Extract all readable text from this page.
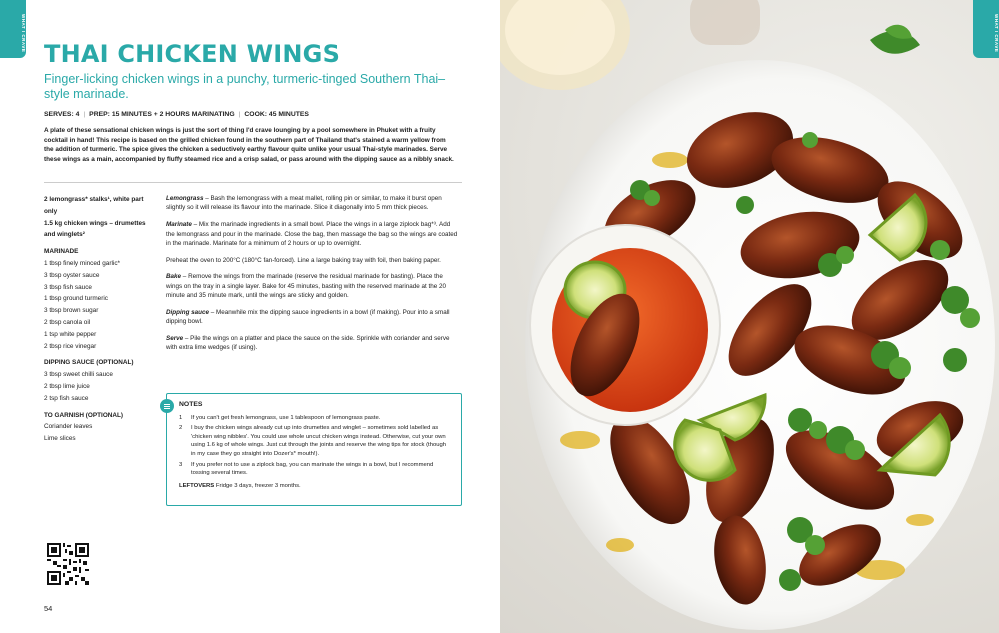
WHAT I CRAVE
THAI CHICKEN WINGS
Finger-licking chicken wings in a punchy, turmeric-tinged Southern Thai–style marinade.
SERVES: 4 | PREP: 15 MINUTES + 2 HOURS MARINATING | COOK: 45 MINUTES

A plate of these sensational chicken wings is just the sort of thing I'd crave lounging by a pool somewhere in Phuket with a fruity cocktail in hand! This recipe is based on the grilled chicken found in the southern part of Thailand that's stained a warm yellow from the addition of turmeric. The spice gives the chicken a seductively earthy flavour quite unlike your usual Thai-style marinades. Serve these wings as a main, accompanied by fluffy steamed rice and a crisp salad, or pass around with the dipping sauce as a nibbly snack.

2 lemongrass* stalks¹, white part only
1.5 kg chicken wings – drumettes and winglets²
MARINADE
1 tbsp finely minced garlic*
3 tbsp oyster sauce
3 tbsp fish sauce
1 tbsp ground turmeric
3 tbsp brown sugar
2 tbsp canola oil
1 tsp white pepper
2 tbsp rice vinegar
DIPPING SAUCE (OPTIONAL)
3 tbsp sweet chilli sauce
2 tbsp lime juice
2 tsp fish sauce
TO GARNISH (OPTIONAL)
Coriander leaves
Lime slices

Lemongrass – Bash the lemongrass with a meat mallet, rolling pin or similar, to make it burst open slightly so it will release its flavour into the marinade. Slice it diagonally into 5 mm thick pieces.

Marinate – Mix the marinade ingredients in a small bowl. Place the wings in a large ziplock bag*³. Add the lemongrass and pour in the marinade. Close the bag, then massage the bag so the wings are coated in the marinade. Marinate for a minimum of 2 hours or up to overnight.

Preheat the oven to 200°C (180°C fan-forced). Line a large baking tray with foil, then baking paper.

Bake – Remove the wings from the marinade (reserve the residual marinade for basting). Place the wings on the tray in a single layer. Bake for 45 minutes, basting with the reserved marinade at the 20 minute and 35 minute mark, until the wings are sticky and golden.

Dipping sauce – Meanwhile mix the dipping sauce ingredients in a bowl (if making). Pour into a small dipping bowl.

Serve – Pile the wings on a platter and place the sauce on the side. Sprinkle with coriander and serve with extra lime wedges (if using).

NOTES
1	If you can't get fresh lemongrass, use 1 tablespoon of lemongrass paste.
2	I buy the chicken wings already cut up into drumettes and winglet – sometimes sold labelled as 'chicken wing nibbles'. You could use whole uncut chicken wings instead. Otherwise, cut your own using 1.6 kg of whole wings. Just cut through the joints and reserve the wing tips for stock (though in my case they go straight into Dozer's* mouth!).
3	If you prefer not to use a ziplock bag, you can marinate the wings in a bowl, but I recommend tossing several times.
LEFTOVERS Fridge 3 days, freezer 3 months.
54
WHAT I CRAVE
